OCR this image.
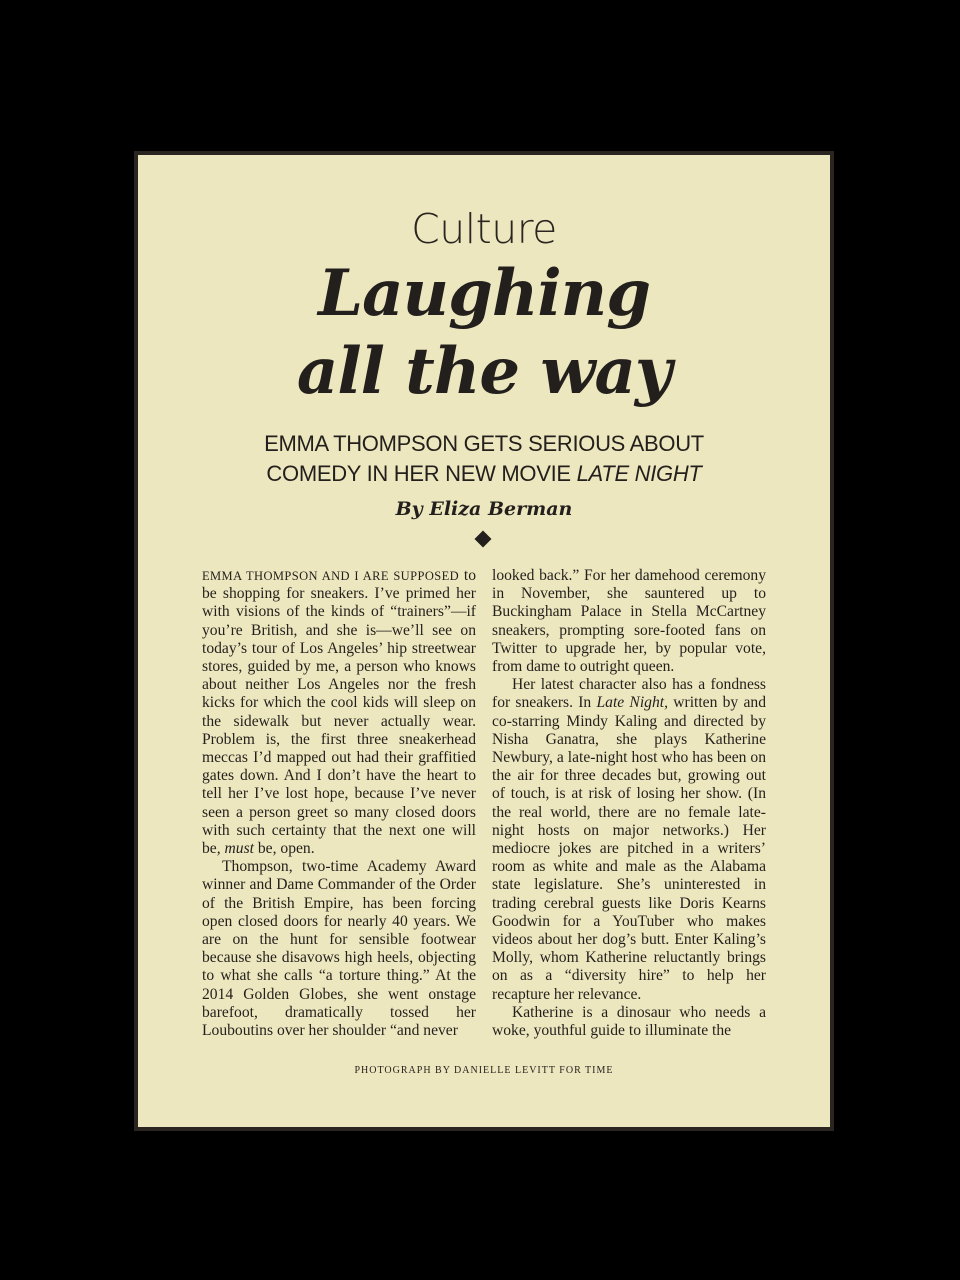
Culture
Laughing
all the way
EMMA THOMPSON GETS SERIOUS ABOUT
COMEDY IN HER NEW MOVIE LATE NIGHT
By Eliza Berman

EMMA THOMPSON AND I ARE SUPPOSED to be shopping for sneakers. I’ve primed her with visions of the kinds of “trainers”—if you’re British, and she is—we’ll see on today’s tour of Los Angeles’ hip streetwear stores, guided by me, a person who knows about neither Los Angeles nor the fresh kicks for which the cool kids will sleep on the sidewalk but never actually wear. Problem is, the first three sneakerhead meccas I’d mapped out had their graffitied gates down. And I don’t have the heart to tell her I’ve lost hope, because I’ve never seen a person greet so many closed doors with such certainty that the next one will be, must be, open.

Thompson, two-time Academy Award winner and Dame Commander of the Order of the British Empire, has been forcing open closed doors for nearly 40 years. We are on the hunt for sensible footwear because she disavows high heels, objecting to what she calls “a torture thing.” At the 2014 Golden Globes, she went onstage barefoot, dramatically tossed her Louboutins over her shoulder “and never

looked back.” For her damehood ceremony in November, she sauntered up to Buckingham Palace in Stella McCartney sneakers, prompting sore-footed fans on Twitter to upgrade her, by popular vote, from dame to outright queen.

Her latest character also has a fondness for sneakers. In Late Night, written by and co-starring Mindy Kaling and directed by Nisha Ganatra, she plays Katherine Newbury, a late-night host who has been on the air for three decades but, growing out of touch, is at risk of losing her show. (In the real world, there are no female late-night hosts on major networks.) Her mediocre jokes are pitched in a writers’ room as white and male as the Alabama state legislature. She’s uninterested in trading cerebral guests like Doris Kearns Goodwin for a YouTuber who makes videos about her dog’s butt. Enter Kaling’s Molly, whom Katherine reluctantly brings on as a “diversity hire” to help her recapture her relevance.

Katherine is a dinosaur who needs a woke, youthful guide to illuminate the

PHOTOGRAPH BY DANIELLE LEVITT FOR TIME
